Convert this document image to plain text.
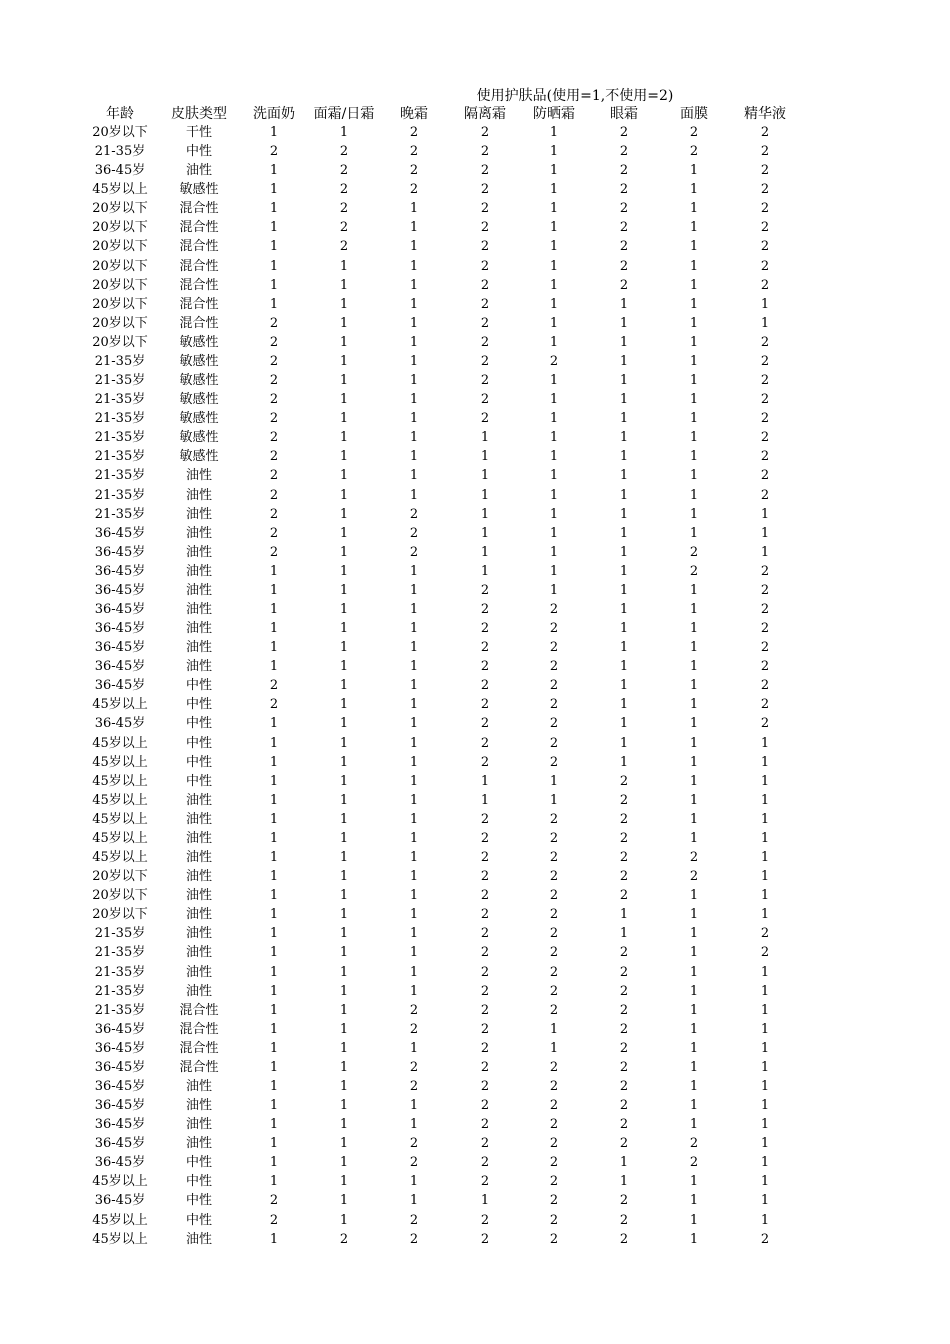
使用护肤品(使用=1,不使用=2)
年龄	皮肤类型	洗面奶	面霜/日霜	晚霜	隔离霜	防晒霜	眼霜	面膜	精华液
20岁以下	干性	1	1	2	2	1	2	2	2
21-35岁	中性	2	2	2	2	1	2	2	2
36-45岁	油性	1	2	2	2	1	2	1	2
45岁以上	敏感性	1	2	2	2	1	2	1	2
20岁以下	混合性	1	2	1	2	1	2	1	2
20岁以下	混合性	1	2	1	2	1	2	1	2
20岁以下	混合性	1	2	1	2	1	2	1	2
20岁以下	混合性	1	1	1	2	1	2	1	2
20岁以下	混合性	1	1	1	2	1	2	1	2
20岁以下	混合性	1	1	1	2	1	1	1	1
20岁以下	混合性	2	1	1	2	1	1	1	1
20岁以下	敏感性	2	1	1	2	1	1	1	2
21-35岁	敏感性	2	1	1	2	2	1	1	2
21-35岁	敏感性	2	1	1	2	1	1	1	2
21-35岁	敏感性	2	1	1	2	1	1	1	2
21-35岁	敏感性	2	1	1	2	1	1	1	2
21-35岁	敏感性	2	1	1	1	1	1	1	2
21-35岁	敏感性	2	1	1	1	1	1	1	2
21-35岁	油性	2	1	1	1	1	1	1	2
21-35岁	油性	2	1	1	1	1	1	1	2
21-35岁	油性	2	1	2	1	1	1	1	1
36-45岁	油性	2	1	2	1	1	1	1	1
36-45岁	油性	2	1	2	1	1	1	2	1
36-45岁	油性	1	1	1	1	1	1	2	2
36-45岁	油性	1	1	1	2	1	1	1	2
36-45岁	油性	1	1	1	2	2	1	1	2
36-45岁	油性	1	1	1	2	2	1	1	2
36-45岁	油性	1	1	1	2	2	1	1	2
36-45岁	油性	1	1	1	2	2	1	1	2
36-45岁	中性	2	1	1	2	2	1	1	2
45岁以上	中性	2	1	1	2	2	1	1	2
36-45岁	中性	1	1	1	2	2	1	1	2
45岁以上	中性	1	1	1	2	2	1	1	1
45岁以上	中性	1	1	1	2	2	1	1	1
45岁以上	中性	1	1	1	1	1	2	1	1
45岁以上	油性	1	1	1	1	1	2	1	1
45岁以上	油性	1	1	1	2	2	2	1	1
45岁以上	油性	1	1	1	2	2	2	1	1
45岁以上	油性	1	1	1	2	2	2	2	1
20岁以下	油性	1	1	1	2	2	2	2	1
20岁以下	油性	1	1	1	2	2	2	1	1
20岁以下	油性	1	1	1	2	2	1	1	1
21-35岁	油性	1	1	1	2	2	1	1	2
21-35岁	油性	1	1	1	2	2	2	1	2
21-35岁	油性	1	1	1	2	2	2	1	1
21-35岁	油性	1	1	1	2	2	2	1	1
21-35岁	混合性	1	1	2	2	2	2	1	1
36-45岁	混合性	1	1	2	2	1	2	1	1
36-45岁	混合性	1	1	1	2	1	2	1	1
36-45岁	混合性	1	1	2	2	2	2	1	1
36-45岁	油性	1	1	2	2	2	2	1	1
36-45岁	油性	1	1	1	2	2	2	1	1
36-45岁	油性	1	1	1	2	2	2	1	1
36-45岁	油性	1	1	2	2	2	2	2	1
36-45岁	中性	1	1	2	2	2	1	2	1
45岁以上	中性	1	1	1	2	2	1	1	1
36-45岁	中性	2	1	1	1	2	2	1	1
45岁以上	中性	2	1	2	2	2	2	1	1
45岁以上	油性	1	2	2	2	2	2	1	2
